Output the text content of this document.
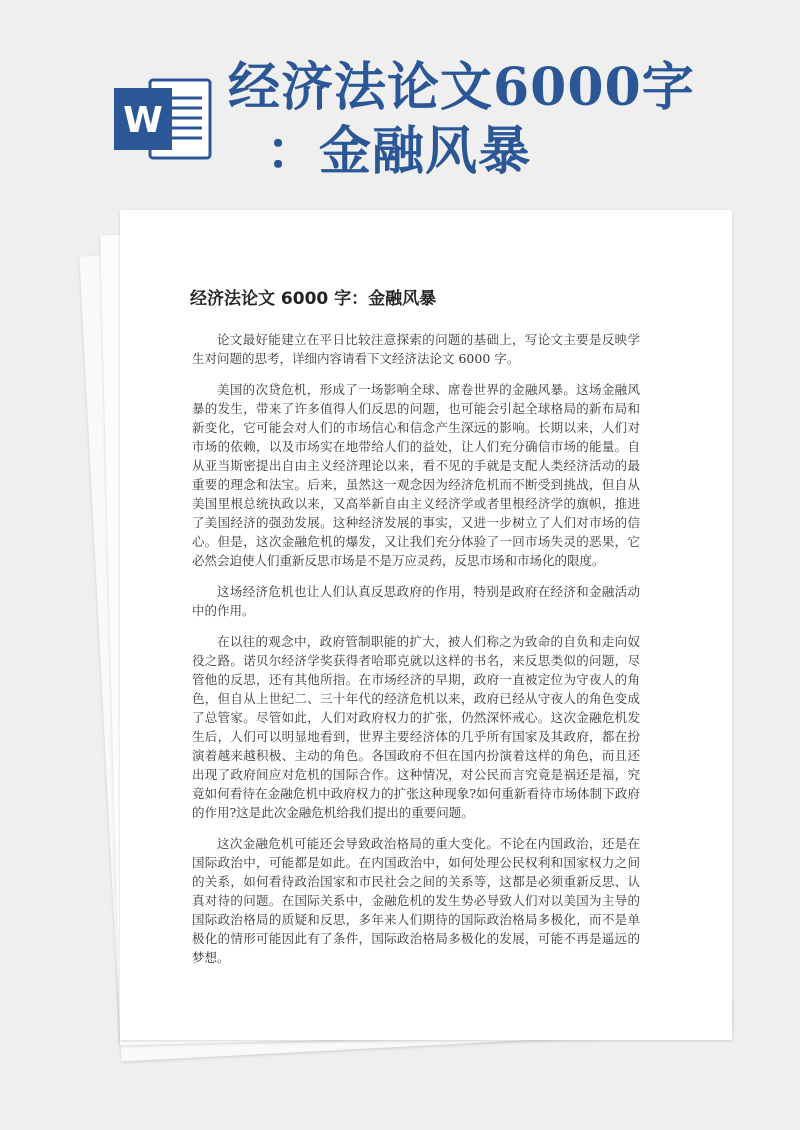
W
经济法论文6000字
：金融风暴
经济法论文 6000 字：金融风暴

论文最好能建立在平日比较注意探索的问题的基础上，写论文主要是反映学生对问题的思考，详细内容请看下文经济法论文 6000 字。

美国的次贷危机，形成了一场影响全球、席卷世界的金融风暴。这场金融风暴的发生，带来了许多值得人们反思的问题，也可能会引起全球格局的新布局和新变化，它可能会对人们的市场信心和信念产生深远的影响。长期以来，人们对市场的依赖，以及市场实在地带给人们的益处，让人们充分确信市场的能量。自从亚当斯密提出自由主义经济理论以来，看不见的手就是支配人类经济活动的最重要的理念和法宝。后来，虽然这一观念因为经济危机而不断受到挑战，但自从美国里根总统执政以来，又高举新自由主义经济学或者里根经济学的旗帜，推进了美国经济的强劲发展。这种经济发展的事实，又进一步树立了人们对市场的信心。但是，这次金融危机的爆发，又让我们充分体验了一回市场失灵的恶果，它必然会迫使人们重新反思市场是不是万应灵药，反思市场和市场化的限度。

这场经济危机也让人们认真反思政府的作用，特别是政府在经济和金融活动中的作用。

在以往的观念中，政府管制职能的扩大，被人们称之为致命的自负和走向奴役之路。诺贝尔经济学奖获得者哈耶克就以这样的书名，来反思类似的问题，尽管他的反思，还有其他所指。在市场经济的早期，政府一直被定位为守夜人的角色，但自从上世纪二、三十年代的经济危机以来，政府已经从守夜人的角色变成了总管家。尽管如此，人们对政府权力的扩张，仍然深怀戒心。这次金融危机发生后，人们可以明显地看到，世界主要经济体的几乎所有国家及其政府，都在扮演着越来越积极、主动的角色。各国政府不但在国内扮演着这样的角色，而且还出现了政府间应对危机的国际合作。这种情况，对公民而言究竟是祸还是福，究竟如何看待在金融危机中政府权力的扩张这种现象?如何重新看待市场体制下政府的作用?这是此次金融危机给我们提出的重要问题。

这次金融危机可能还会导致政治格局的重大变化。不论在内国政治，还是在国际政治中，可能都是如此。在内国政治中，如何处理公民权利和国家权力之间的关系，如何看待政治国家和市民社会之间的关系等，这都是必须重新反思、认真对待的问题。在国际关系中，金融危机的发生势必导致人们对以美国为主导的国际政治格局的质疑和反思，多年来人们期待的国际政治格局多极化，而不是单极化的情形可能因此有了条件，国际政治格局多极化的发展，可能不再是遥远的梦想。
